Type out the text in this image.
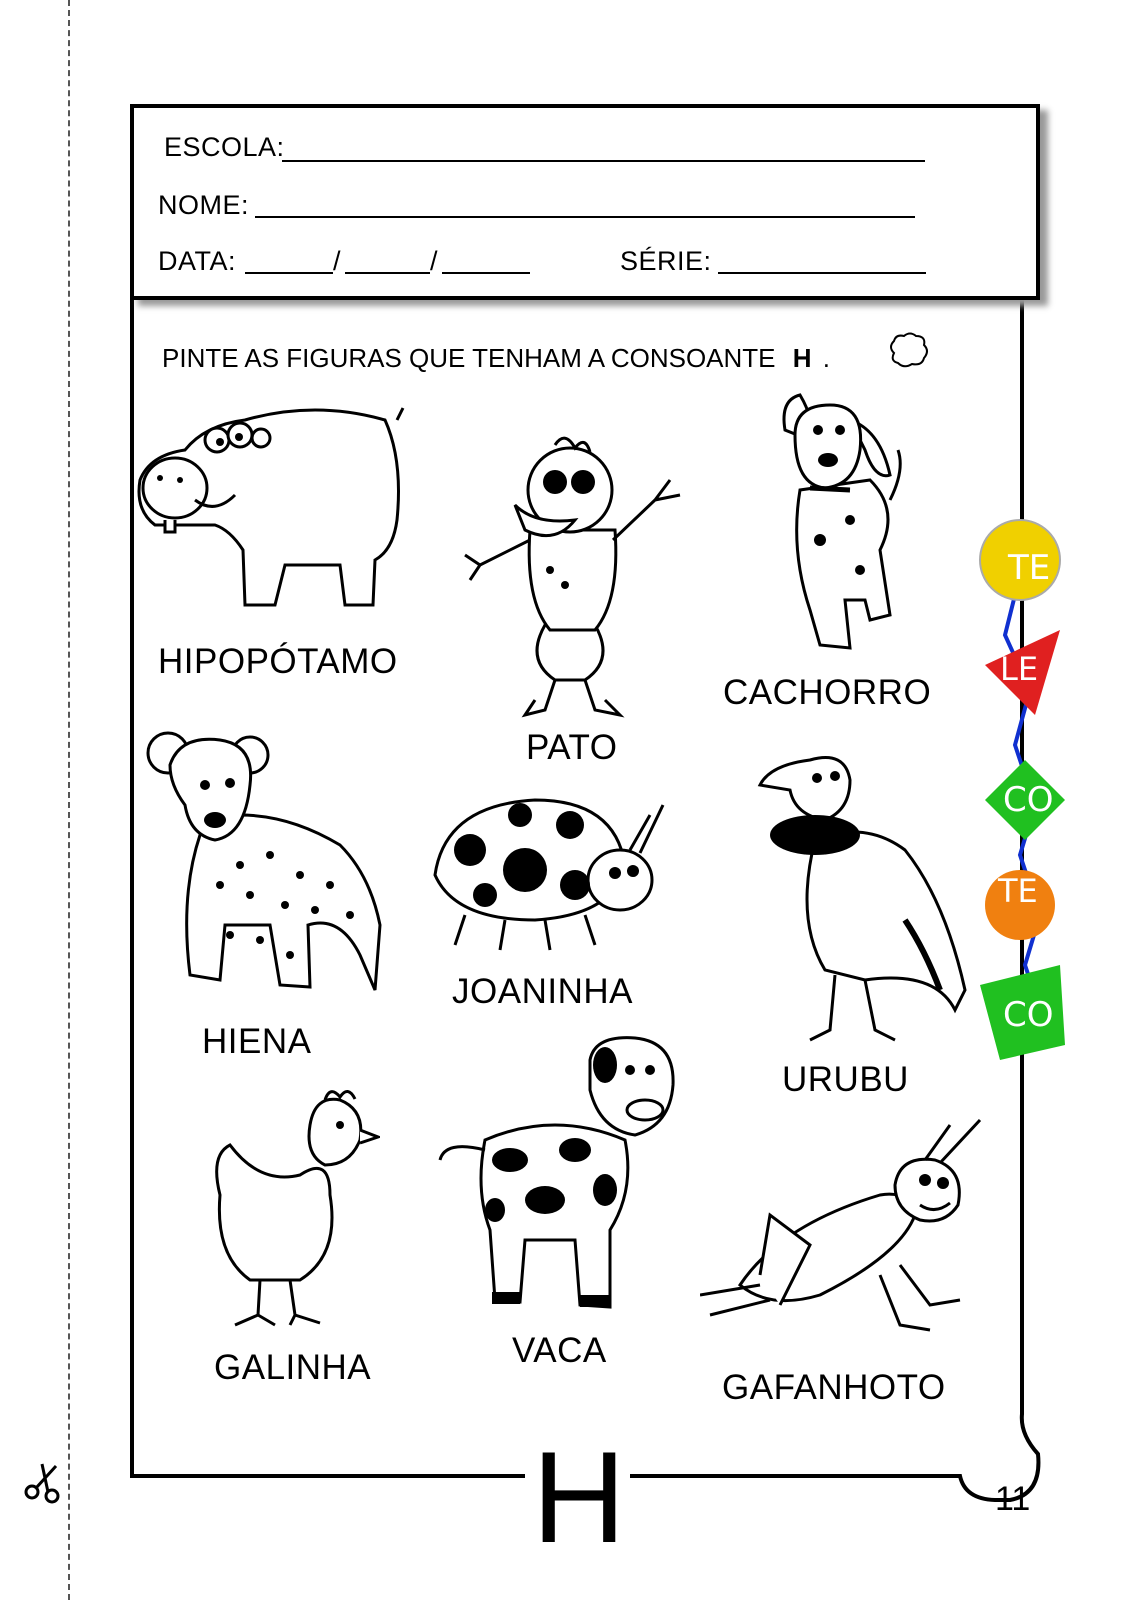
ESCOLA:
NOME:
DATA:	/	/	SÉRIE:
PINTE AS FIGURAS QUE TENHAM A CONSOANTE H .
HIPOPÓTAMO
PATO
CACHORRO
HIENA
JOANINHA
URUBU
GALINHA	VACA
GAFANHOTO
TE
LE
CO
TE
CO
H	11
